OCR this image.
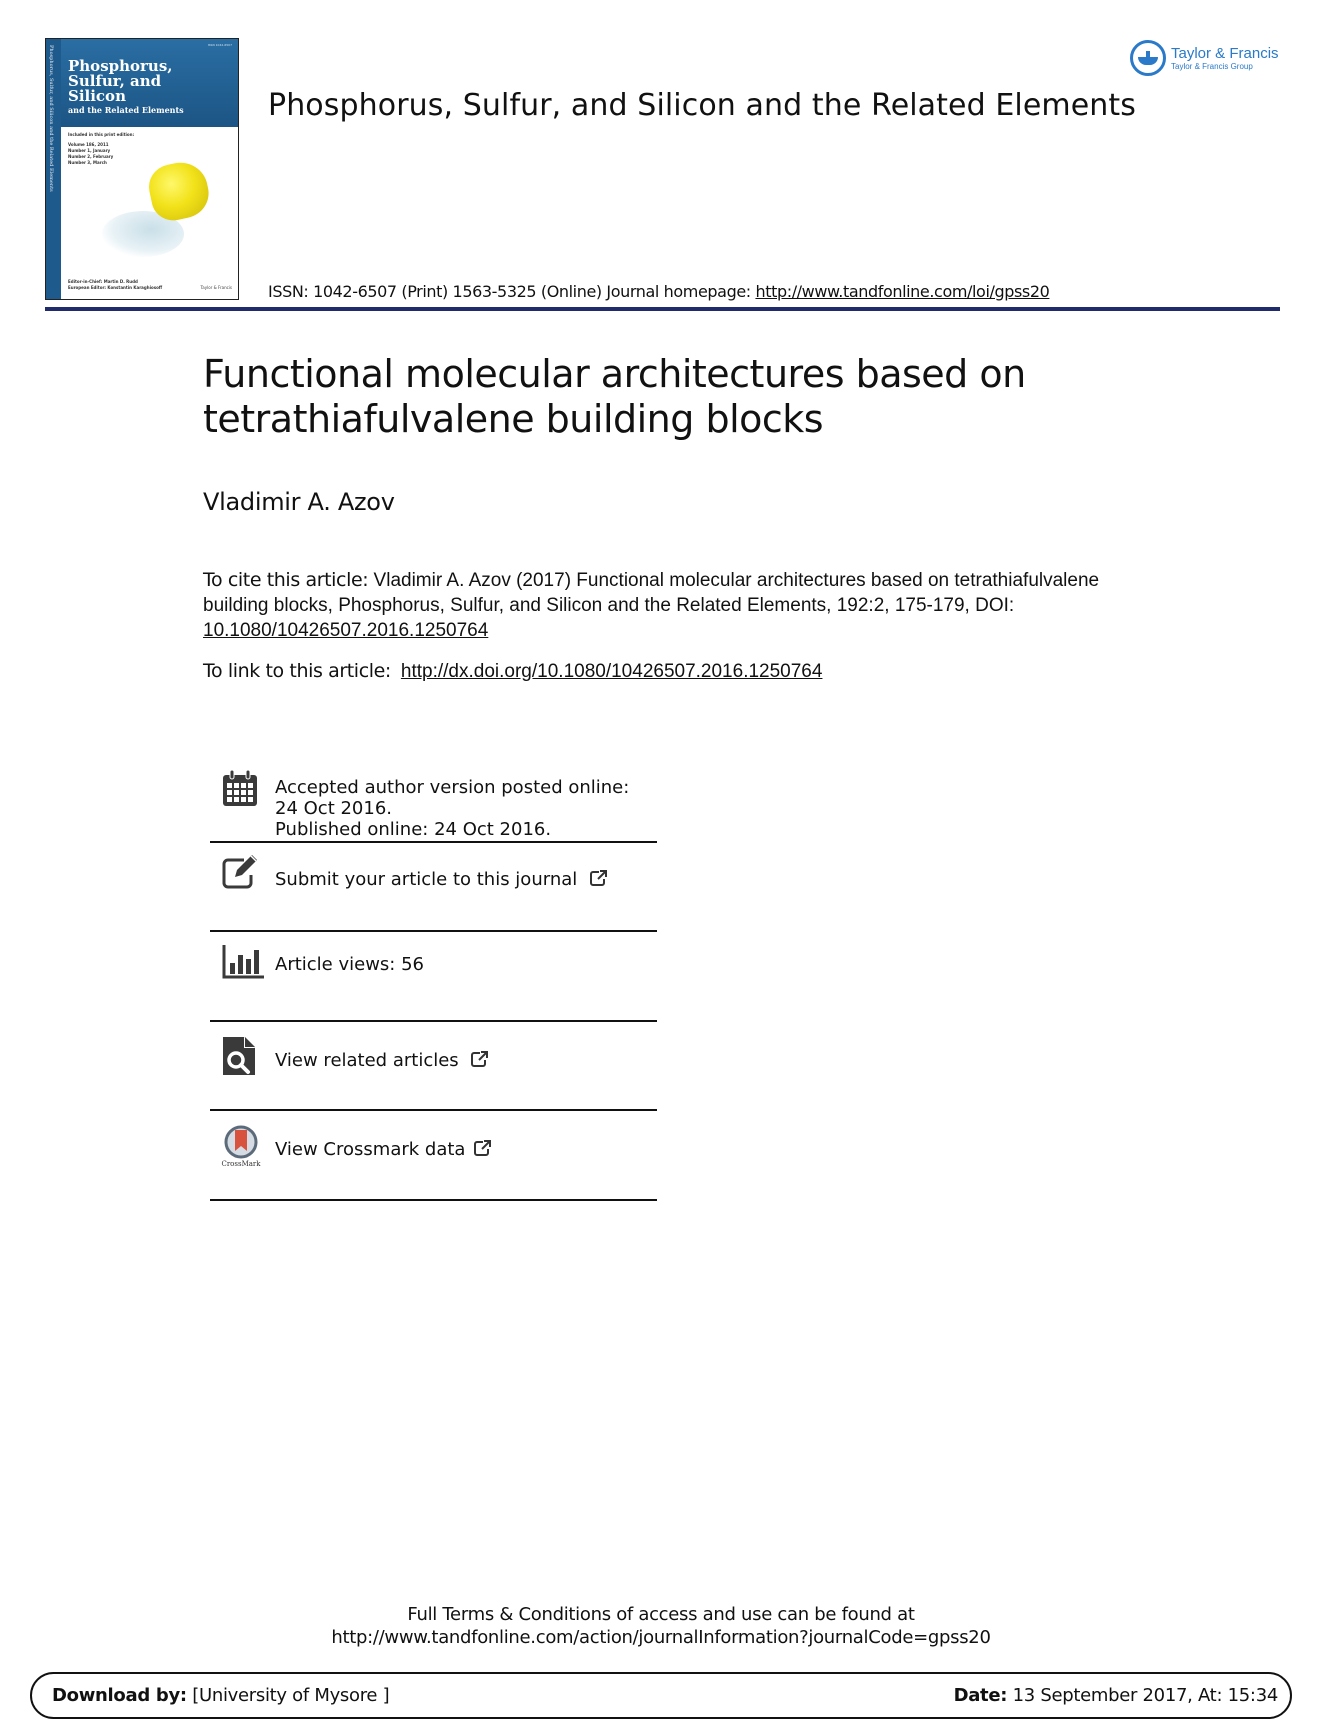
Phosphorus, Sulfur, and Silicon and the Related Elements	ISSN 1042-6507
Phosphorus,
Sulfur, and
Silicon
and the Related Elements
Included in this print edition:
Volume 186, 2011
Number 1, January
Number 2, February
Number 3, March
Editor-in-Chief: Martin D. Rudd
European Editor: Konstantin Karaghiosoff	Taylor & Francis
Taylor & Francis
Taylor & Francis Group
Phosphorus, Sulfur, and Silicon and the Related Elements
ISSN: 1042-6507 (Print) 1563-5325 (Online) Journal homepage: http://www.tandfonline.com/loi/gpss20
Functional molecular architectures based on tetrathiafulvalene building blocks
Vladimir A. Azov
To cite this article: Vladimir A. Azov (2017) Functional molecular architectures based on tetrathiafulvalene building blocks, Phosphorus, Sulfur, and Silicon and the Related Elements, 192:2, 175-179, DOI: 10.1080/10426507.2016.1250764
To link to this article: http://dx.doi.org/10.1080/10426507.2016.1250764
Accepted author version posted online: 24 Oct 2016.
Published online: 24 Oct 2016.
Submit your article to this journal
Article views: 56
View related articles
CrossMark
View Crossmark data
Full Terms & Conditions of access and use can be found at
http://www.tandfonline.com/action/journalInformation?journalCode=gpss20
Download by: [University of Mysore ]	Date: 13 September 2017, At: 15:34
